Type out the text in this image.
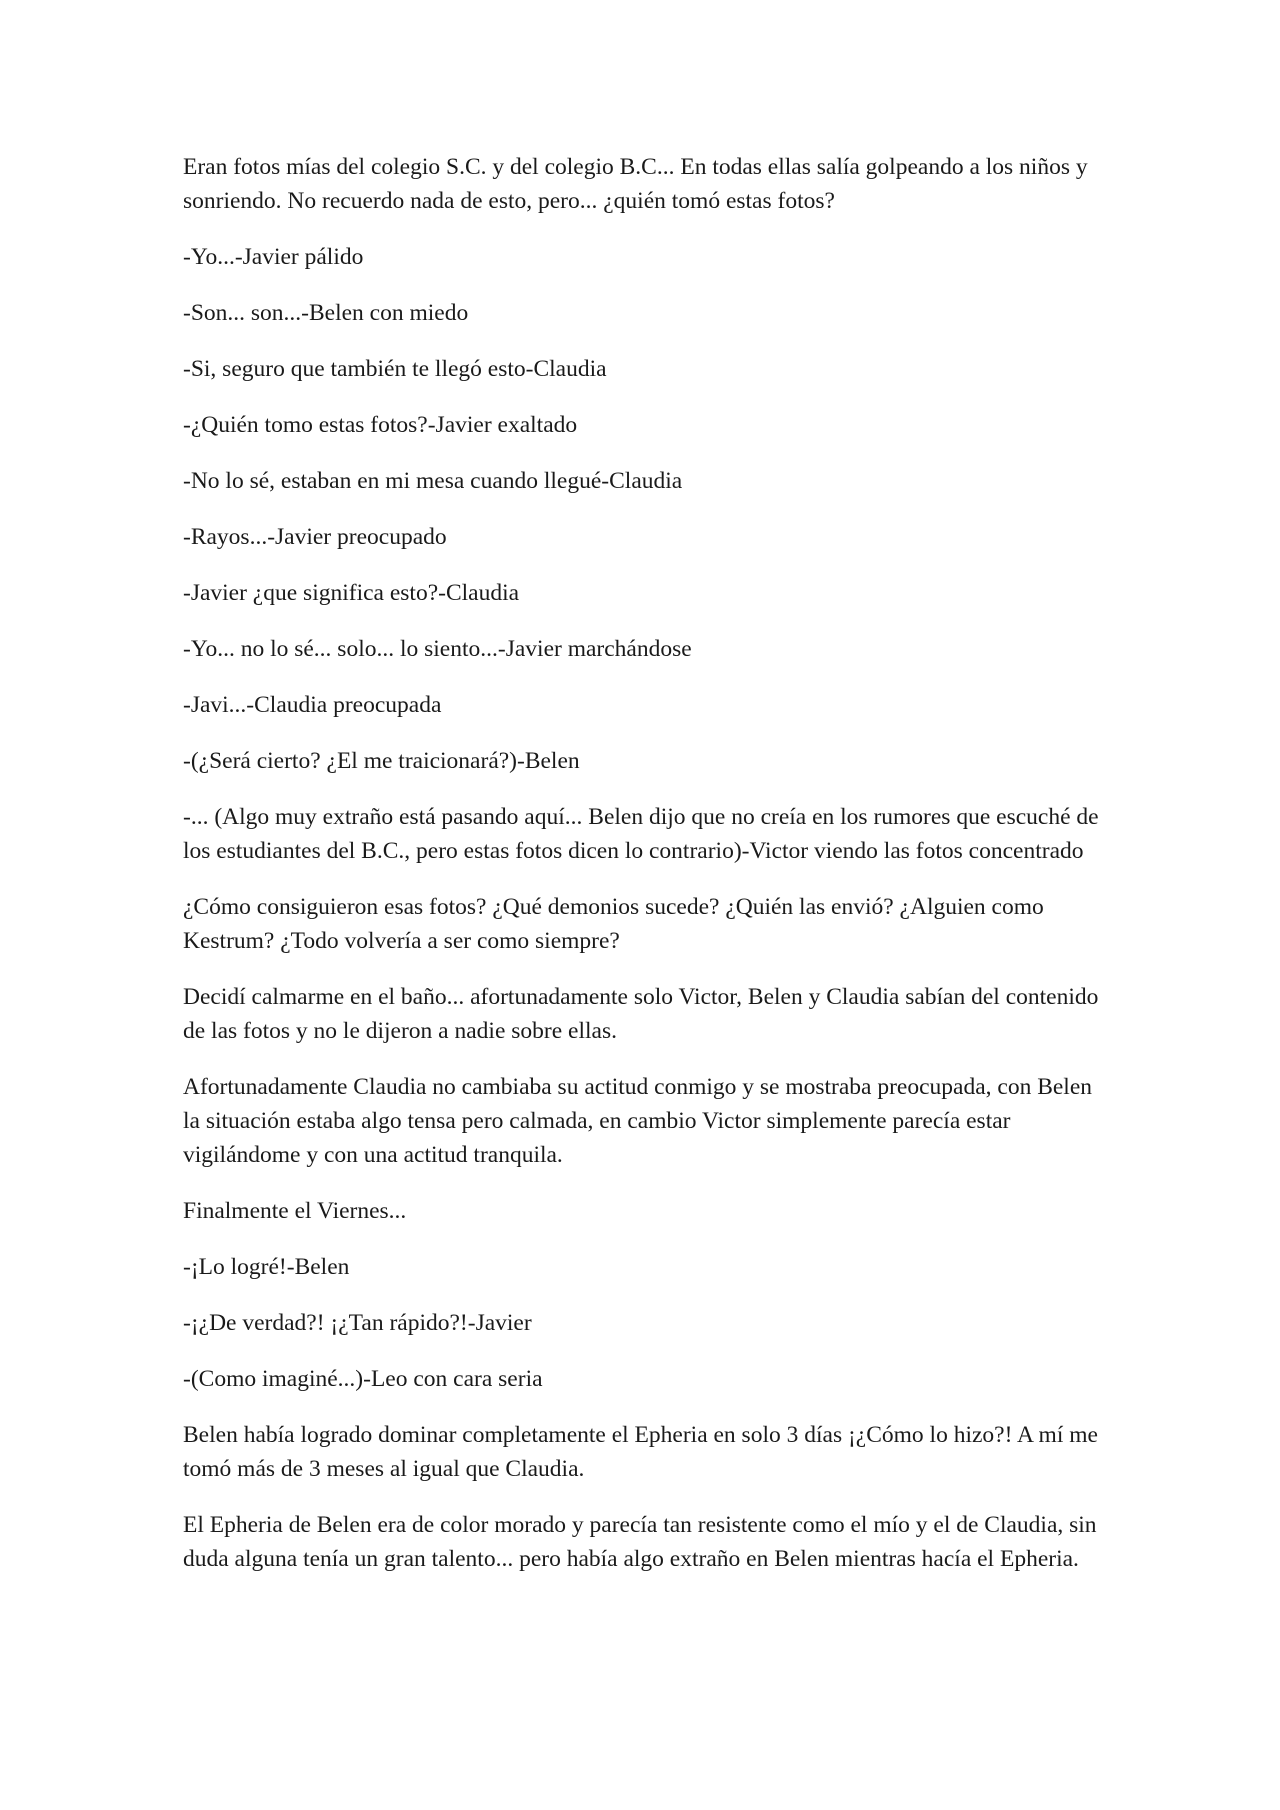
Eran fotos mías del colegio S.C. y del colegio B.C... En todas ellas salía golpeando a los niños y sonriendo. No recuerdo nada de esto, pero... ¿quién tomó estas fotos?

-Yo...-Javier pálido

-Son... son...-Belen con miedo

-Si, seguro que también te llegó esto-Claudia

-¿Quién tomo estas fotos?-Javier exaltado

-No lo sé, estaban en mi mesa cuando llegué-Claudia

-Rayos...-Javier preocupado

-Javier ¿que significa esto?-Claudia

-Yo... no lo sé... solo... lo siento...-Javier marchándose

-Javi...-Claudia preocupada

-(¿Será cierto? ¿El me traicionará?)-Belen

-... (Algo muy extraño está pasando aquí... Belen dijo que no creía en los rumores que escuché de los estudiantes del B.C., pero estas fotos dicen lo contrario)-Victor viendo las fotos concentrado

¿Cómo consiguieron esas fotos? ¿Qué demonios sucede? ¿Quién las envió? ¿Alguien como Kestrum? ¿Todo volvería a ser como siempre?

Decidí calmarme en el baño... afortunadamente solo Victor, Belen y Claudia sabían del contenido de las fotos y no le dijeron a nadie sobre ellas.

Afortunadamente Claudia no cambiaba su actitud conmigo y se mostraba preocupada, con Belen la situación estaba algo tensa pero calmada, en cambio Victor simplemente parecía estar vigilándome y con una actitud tranquila.

Finalmente el Viernes...

-¡Lo logré!-Belen

-¡¿De verdad?! ¡¿Tan rápido?!-Javier

-(Como imaginé...)-Leo con cara seria

Belen había logrado dominar completamente el Epheria en solo 3 días ¡¿Cómo lo hizo?! A mí me tomó más de 3 meses al igual que Claudia.

El Epheria de Belen era de color morado y parecía tan resistente como el mío y el de Claudia, sin duda alguna tenía un gran talento... pero había algo extraño en Belen mientras hacía el Epheria.
